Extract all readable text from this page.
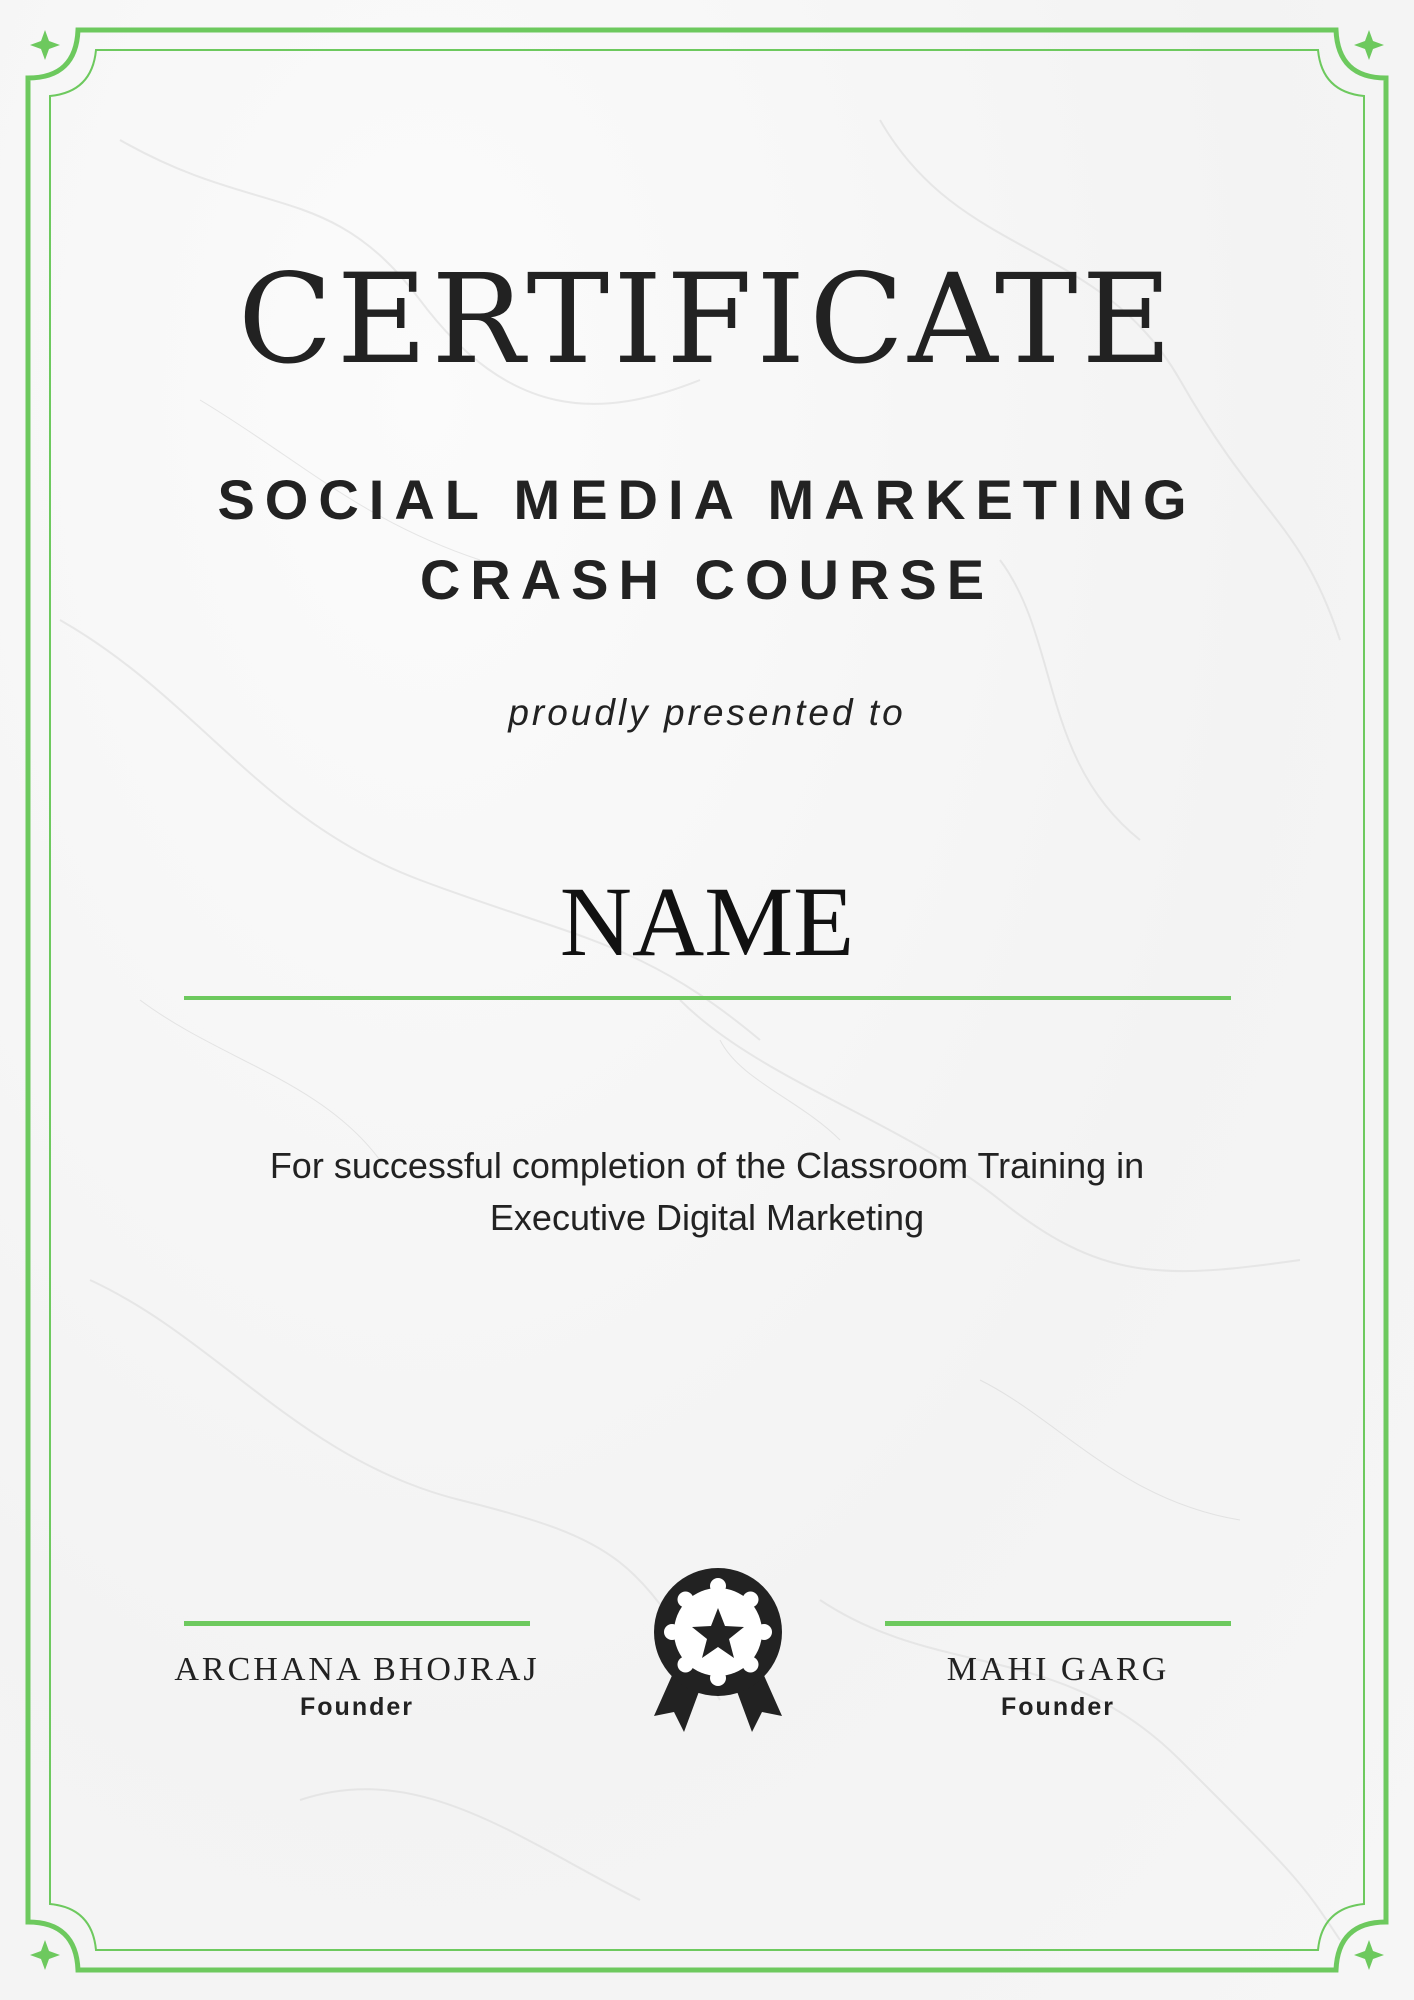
CERTIFICATE
SOCIAL MEDIA MARKETING
CRASH COURSE
proudly presented to
NAME
For successful completion of the Classroom Training in
Executive Digital Marketing
ARCHANA BHOJRAJ
Founder
MAHI GARG
Founder
